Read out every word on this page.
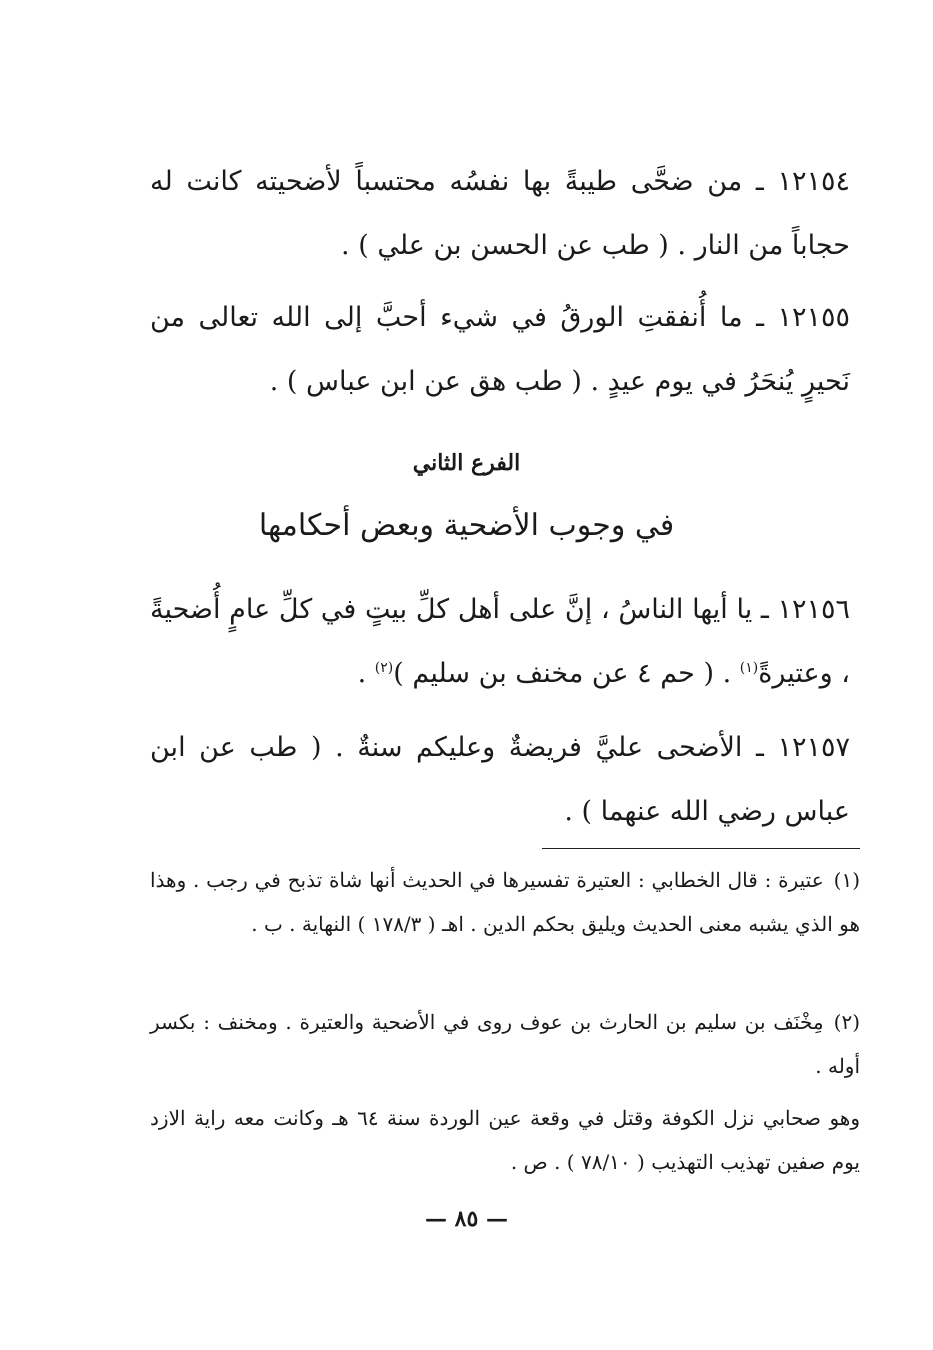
١٢١٥٤ ـ من ضحَّى طيبةً بها نفسُه محتسباً لأضحيته كانت له حجاباً من النار . ( طب عن الحسن بن علي ) .

١٢١٥٥ ـ ما أُنفقتِ الورقُ في شيء أحبَّ إلى الله تعالى من نَحيرٍ يُنحَرُ في يوم عيدٍ . ( طب هق عن ابن عباس ) .

الفرع الثاني
في وجوب الأضحية وبعض أحكامها

١٢١٥٦ ـ يا أيها الناسُ ، إنَّ على أهل كلِّ بيتٍ في كلِّ عامٍ أُضحيةً ، وعتيرةً$^{(١)}$ . ( حم ٤ عن مخنف بن سليم )$^{(٢)}$ .

١٢١٥٧ ـ الأضحى عليَّ فريضةٌ وعليكم سنةٌ . ( طب عن ابن عباس رضي الله عنهما ) .

(١)عتيرة : قال الخطابي : العتيرة تفسيرها في الحديث أنها شاة تذبح في رجب . وهذا هو الذي يشبه معنى الحديث ويليق بحكم الدين . اهـ ( ١٧٨/٣ ) النهاية . ب .

(٢)مِخْنَف بن سليم بن الحارث بن عوف روى في الأضحية والعتيرة . ومخنف : بكسر أوله .

وهو صحابي نزل الكوفة وقتل في وقعة عين الوردة سنة ٦٤ هـ وكانت معه راية الازد يوم صفين تهذيب التهذيب ( ٧٨/١٠ ) . ص .

— ٨٥ —
